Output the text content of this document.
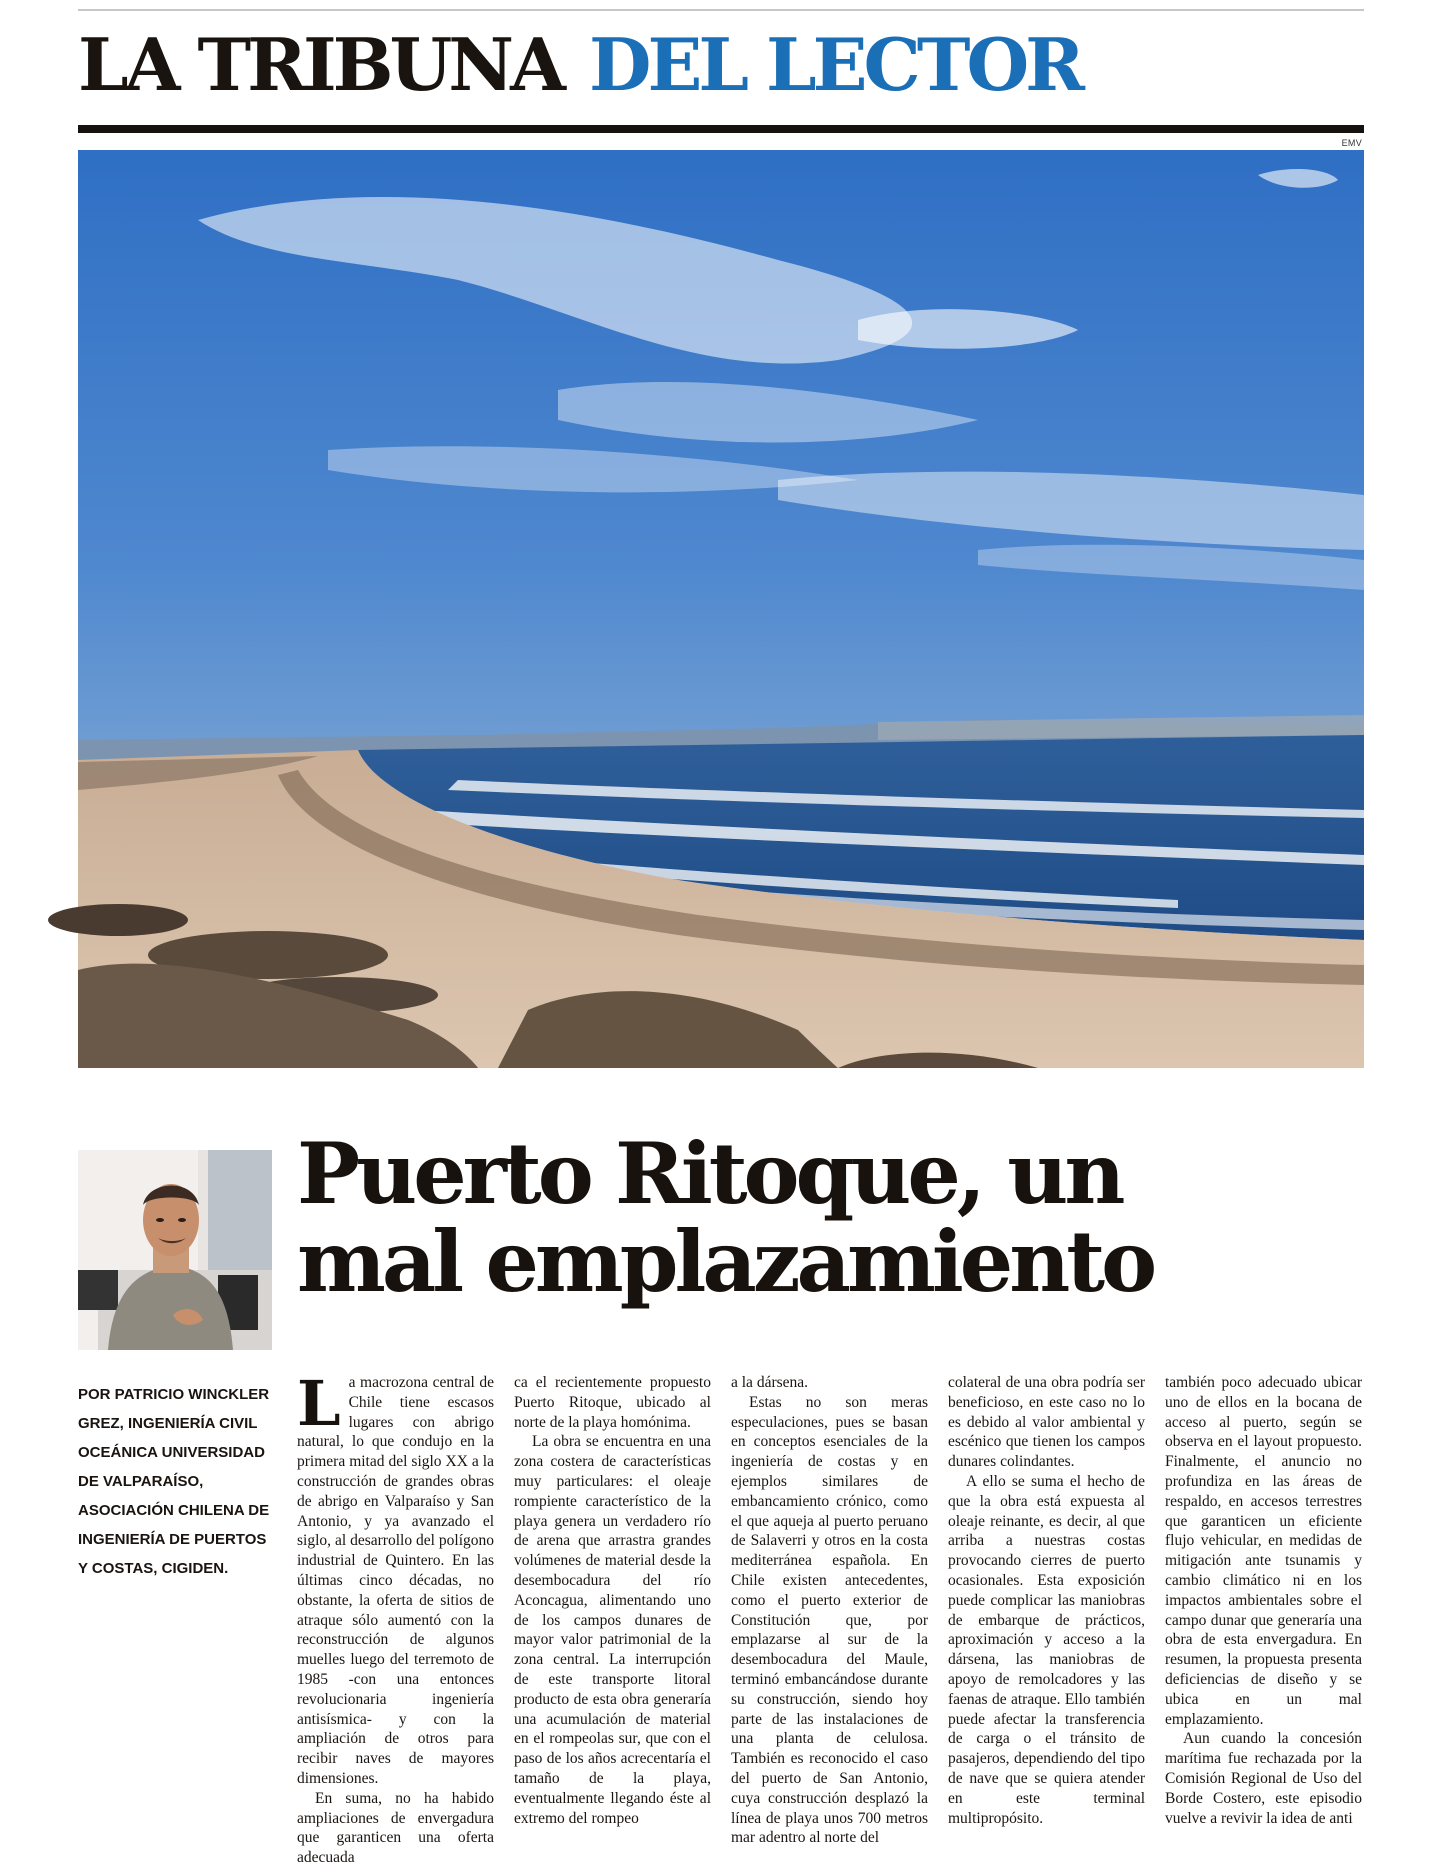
LA TRIBUNA DEL LECTOR
EMV
Puerto Ritoque, un
mal emplazamiento
POR PATRICIO WINCKLER GREZ, INGENIERÍA CIVIL OCEÁNICA UNIVERSIDAD DE VALPARAÍSO, ASOCIACIÓN CHILENA DE INGENIERÍA DE PUERTOS Y COSTAS, CIGIDEN.

La macrozona central de Chile tiene escasos lugares con abrigo natural, lo que condujo en la primera mitad del siglo XX a la construcción de grandes obras de abrigo en Valparaíso y San Antonio, y ya avanzado el siglo, al desarrollo del polígono industrial de Quintero. En las últimas cinco décadas, no obstante, la oferta de sitios de atraque sólo aumentó con la reconstrucción de algunos muelles luego del terremoto de 1985 -con una entonces revolucionaria ingeniería antisísmica- y con la ampliación de otros para recibir naves de mayores dimensiones.

En suma, no ha habido ampliaciones de envergadura que garanticen una oferta adecuada

ca el recientemente propuesto Puerto Ritoque, ubicado al norte de la playa homónima.

La obra se encuentra en una zona costera de características muy particulares: el oleaje rompiente característico de la playa genera un verdadero río de arena que arrastra grandes volúmenes de material desde la desembocadura del río Aconcagua, alimentando uno de los campos dunares de mayor valor patrimonial de la zona central. La interrupción de este transporte litoral producto de esta obra generaría una acumulación de material en el rompeolas sur, que con el paso de los años acrecentaría el tamaño de la playa, eventualmente llegando éste al extremo del rompeo

a la dársena.

Estas no son meras especulaciones, pues se basan en conceptos esenciales de la ingeniería de costas y en ejemplos similares de embancamiento crónico, como el que aqueja al puerto peruano de Salaverri y otros en la costa mediterránea española. En Chile existen antecedentes, como el puerto exterior de Constitución que, por emplazarse al sur de la desembocadura del Maule, terminó embancándose durante su construcción, siendo hoy parte de las instalaciones de una planta de celulosa. También es reconocido el caso del puerto de San Antonio, cuya construcción desplazó la línea de playa unos 700 metros mar adentro al norte del

colateral de una obra podría ser beneficioso, en este caso no lo es debido al valor ambiental y escénico que tienen los campos dunares colindantes.

A ello se suma el hecho de que la obra está expuesta al oleaje reinante, es decir, al que arriba a nuestras costas provocando cierres de puerto ocasionales. Esta exposición puede complicar las maniobras de embarque de prácticos, aproximación y acceso a la dársena, las maniobras de apoyo de remolcadores y las faenas de atraque. Ello también puede afectar la transferencia de carga o el tránsito de pasajeros, dependiendo del tipo de nave que se quiera atender en este terminal multipropósito.

también poco adecuado ubicar uno de ellos en la bocana de acceso al puerto, según se observa en el layout propuesto. Finalmente, el anuncio no profundiza en las áreas de respaldo, en accesos terrestres que garanticen un eficiente flujo vehicular, en medidas de mitigación ante tsunamis y cambio climático ni en los impactos ambientales sobre el campo dunar que generaría una obra de esta envergadura. En resumen, la propuesta presenta deficiencias de diseño y se ubica en un mal emplazamiento.

Aun cuando la concesión marítima fue rechazada por la Comisión Regional de Uso del Borde Costero, este episodio vuelve a revivir la idea de anti
